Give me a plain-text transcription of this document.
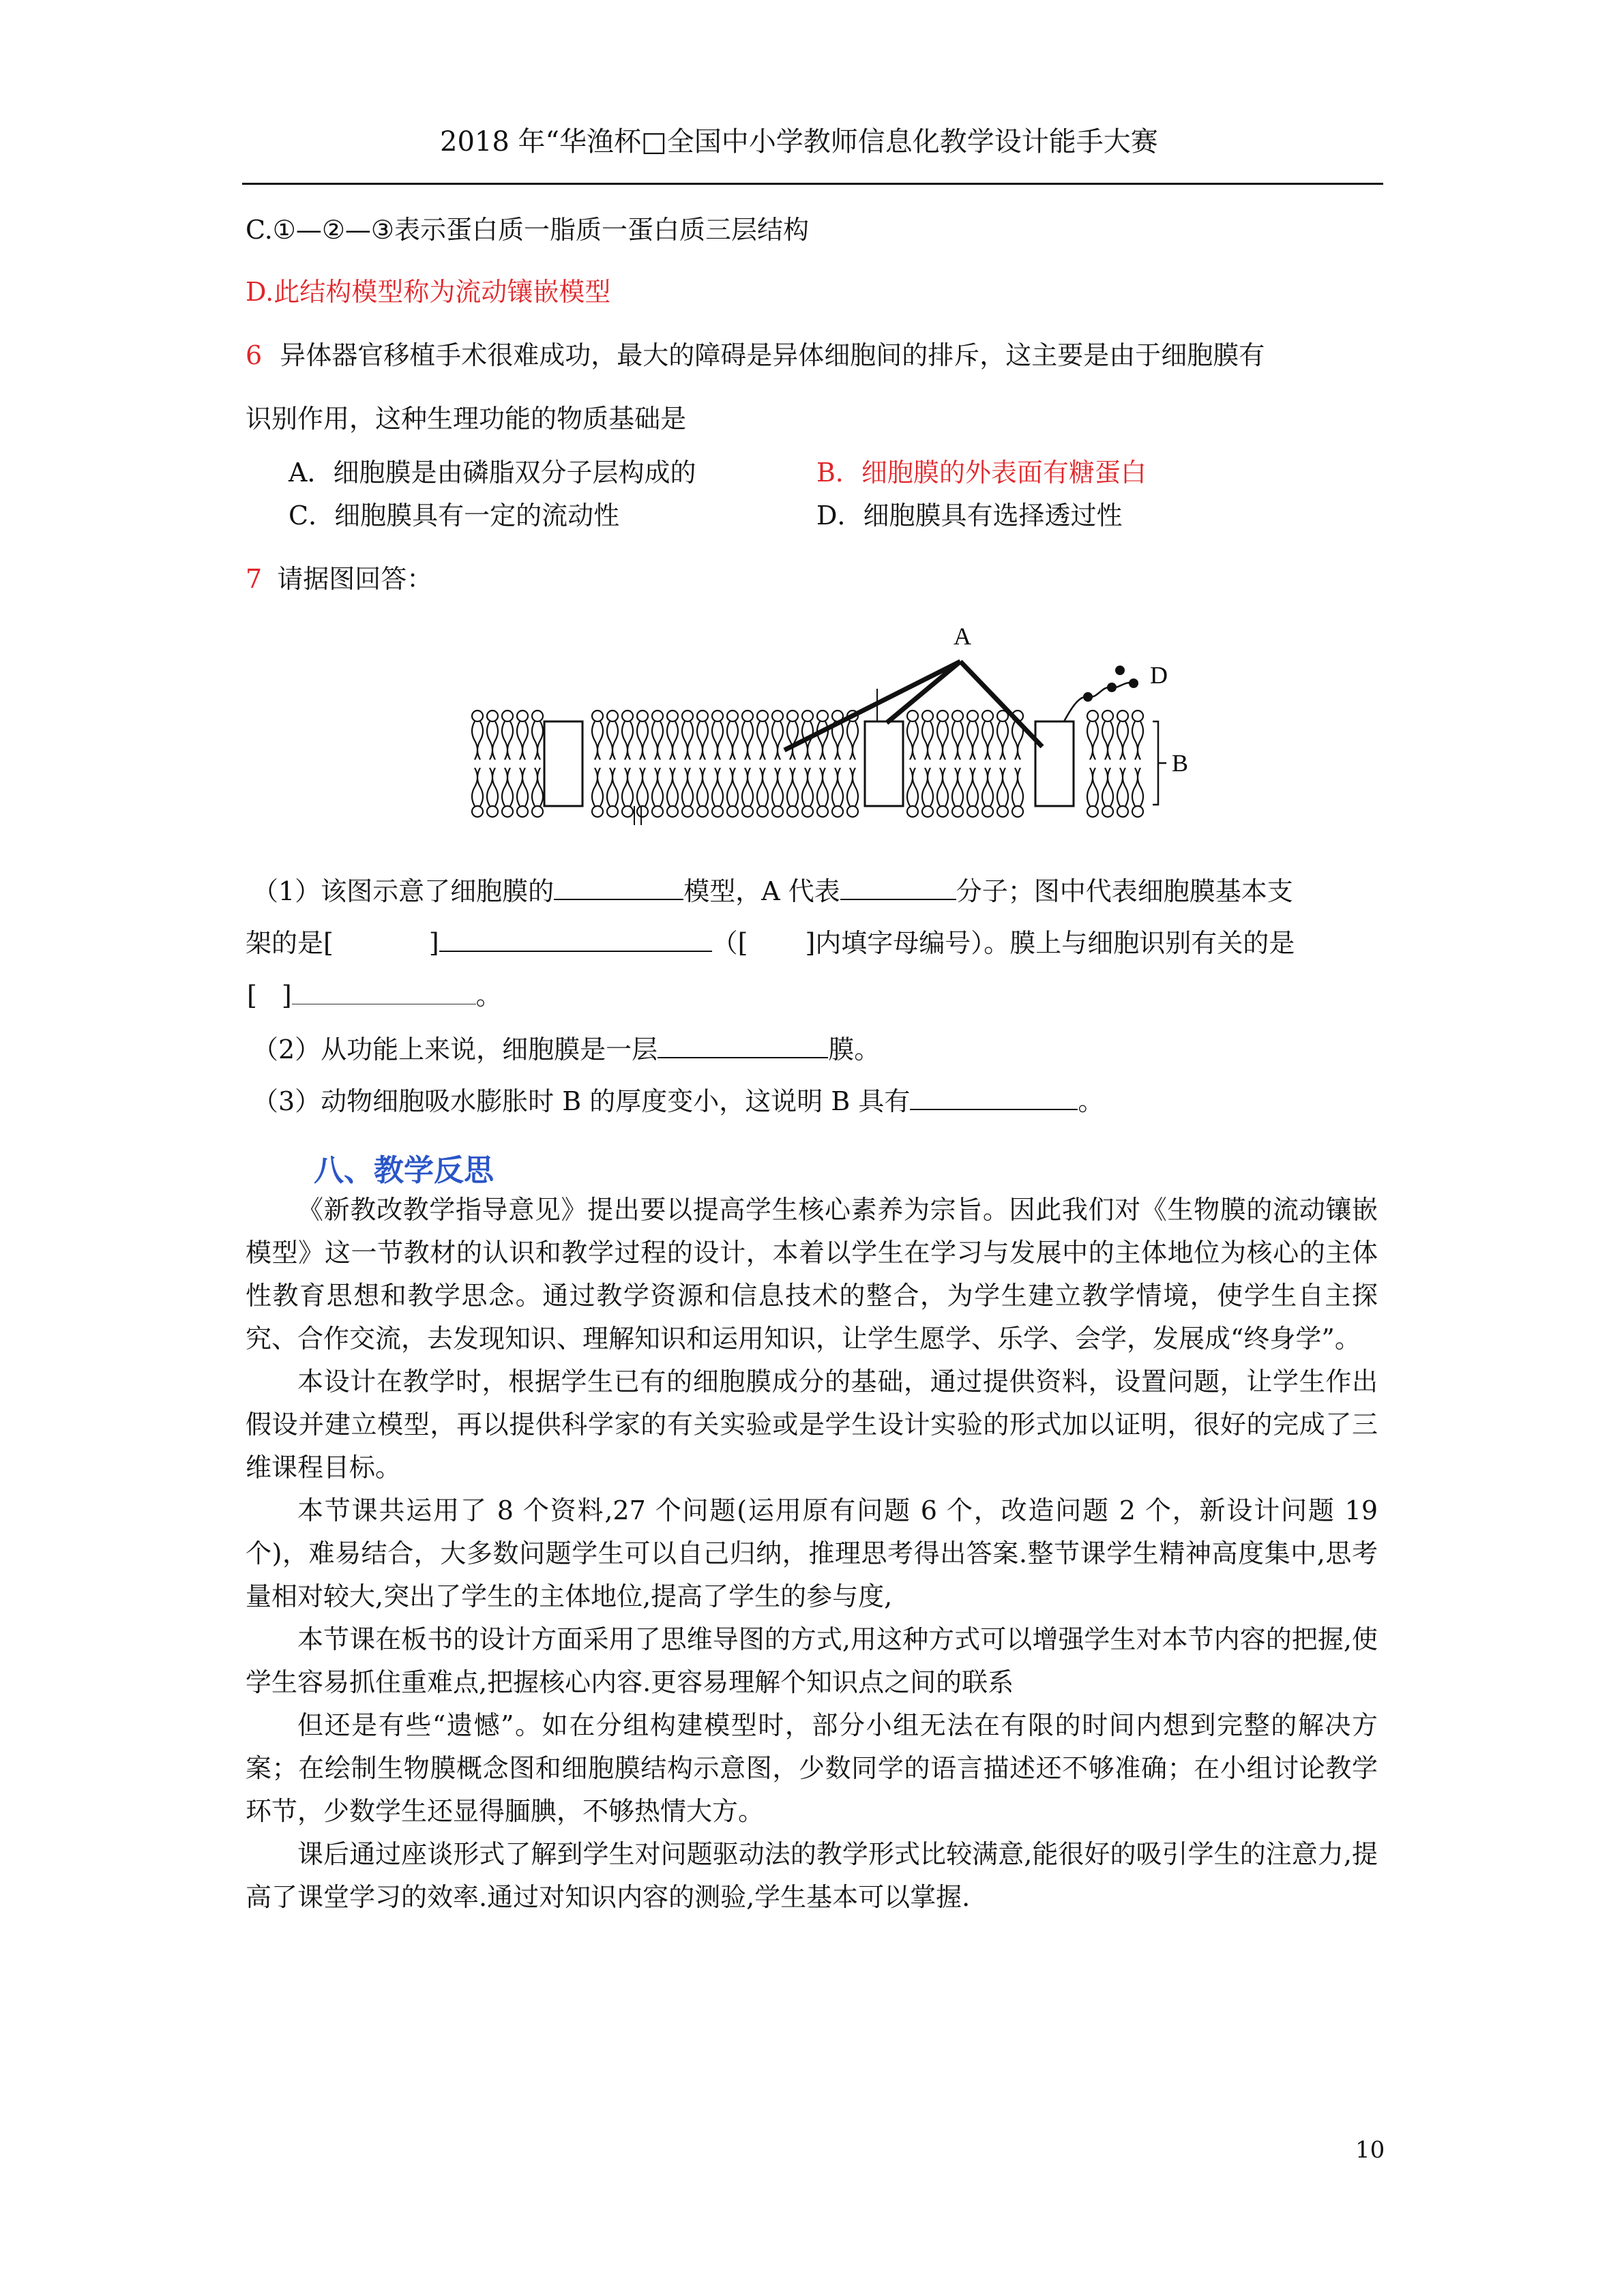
2018 年“华渔杯□全国中小学教师信息化教学设计能手大赛
C.①—②—③表示蛋白质一脂质一蛋白质三层结构
D.此结构模型称为流动镶嵌模型
6 异体器官移植手术很难成功，最大的障碍是异体细胞间的排斥，这主要是由于细胞膜有
识别作用，这种生理功能的物质基础是
A．细胞膜是由磷脂双分子层构成的	B．细胞膜的外表面有糖蛋白
C．细胞膜具有一定的流动性	D．细胞膜具有选择透过性
7 请据图回答：
A
D
B
（1）该图示意了细胞膜的	模型，A 代表	分子；图中代表细胞膜基本支
架的是[	]	（[ ]内填字母编号）。膜上与细胞识别有关的是
[ ]	。
（2）从功能上来说，细胞膜是一层	膜。
（3）动物细胞吸水膨胀时 B 的厚度变小，这说明 B 具有	。
八、教学反思

《新教改教学指导意见》提出要以提高学生核心素养为宗旨。因此我们对《生物膜的流动镶嵌模型》这一节教材的认识和教学过程的设计，本着以学生在学习与发展中的主体地位为核心的主体性教育思想和教学思念。通过教学资源和信息技术的整合，为学生建立教学情境，使学生自主探究、合作交流，去发现知识、理解知识和运用知识，让学生愿学、乐学、会学，发展成“终身学”。

本设计在教学时，根据学生已有的细胞膜成分的基础，通过提供资料，设置问题，让学生作出假设并建立模型，再以提供科学家的有关实验或是学生设计实验的形式加以证明，很好的完成了三维课程目标。

本节课共运用了 8 个资料,27 个问题(运用原有问题 6 个，改造问题 2 个，新设计问题 19 个)，难易结合，大多数问题学生可以自己归纳，推理思考得出答案.整节课学生精神高度集中,思考量相对较大,突出了学生的主体地位,提高了学生的参与度,

本节课在板书的设计方面采用了思维导图的方式,用这种方式可以增强学生对本节内容的把握,使学生容易抓住重难点,把握核心内容.更容易理解个知识点之间的联系

但还是有些“遗憾”。如在分组构建模型时，部分小组无法在有限的时间内想到完整的解决方案；在绘制生物膜概念图和细胞膜结构示意图，少数同学的语言描述还不够准确；在小组讨论教学环节，少数学生还显得腼腆，不够热情大方。

课后通过座谈形式了解到学生对问题驱动法的教学形式比较满意,能很好的吸引学生的注意力,提高了课堂学习的效率.通过对知识内容的测验,学生基本可以掌握.

10
